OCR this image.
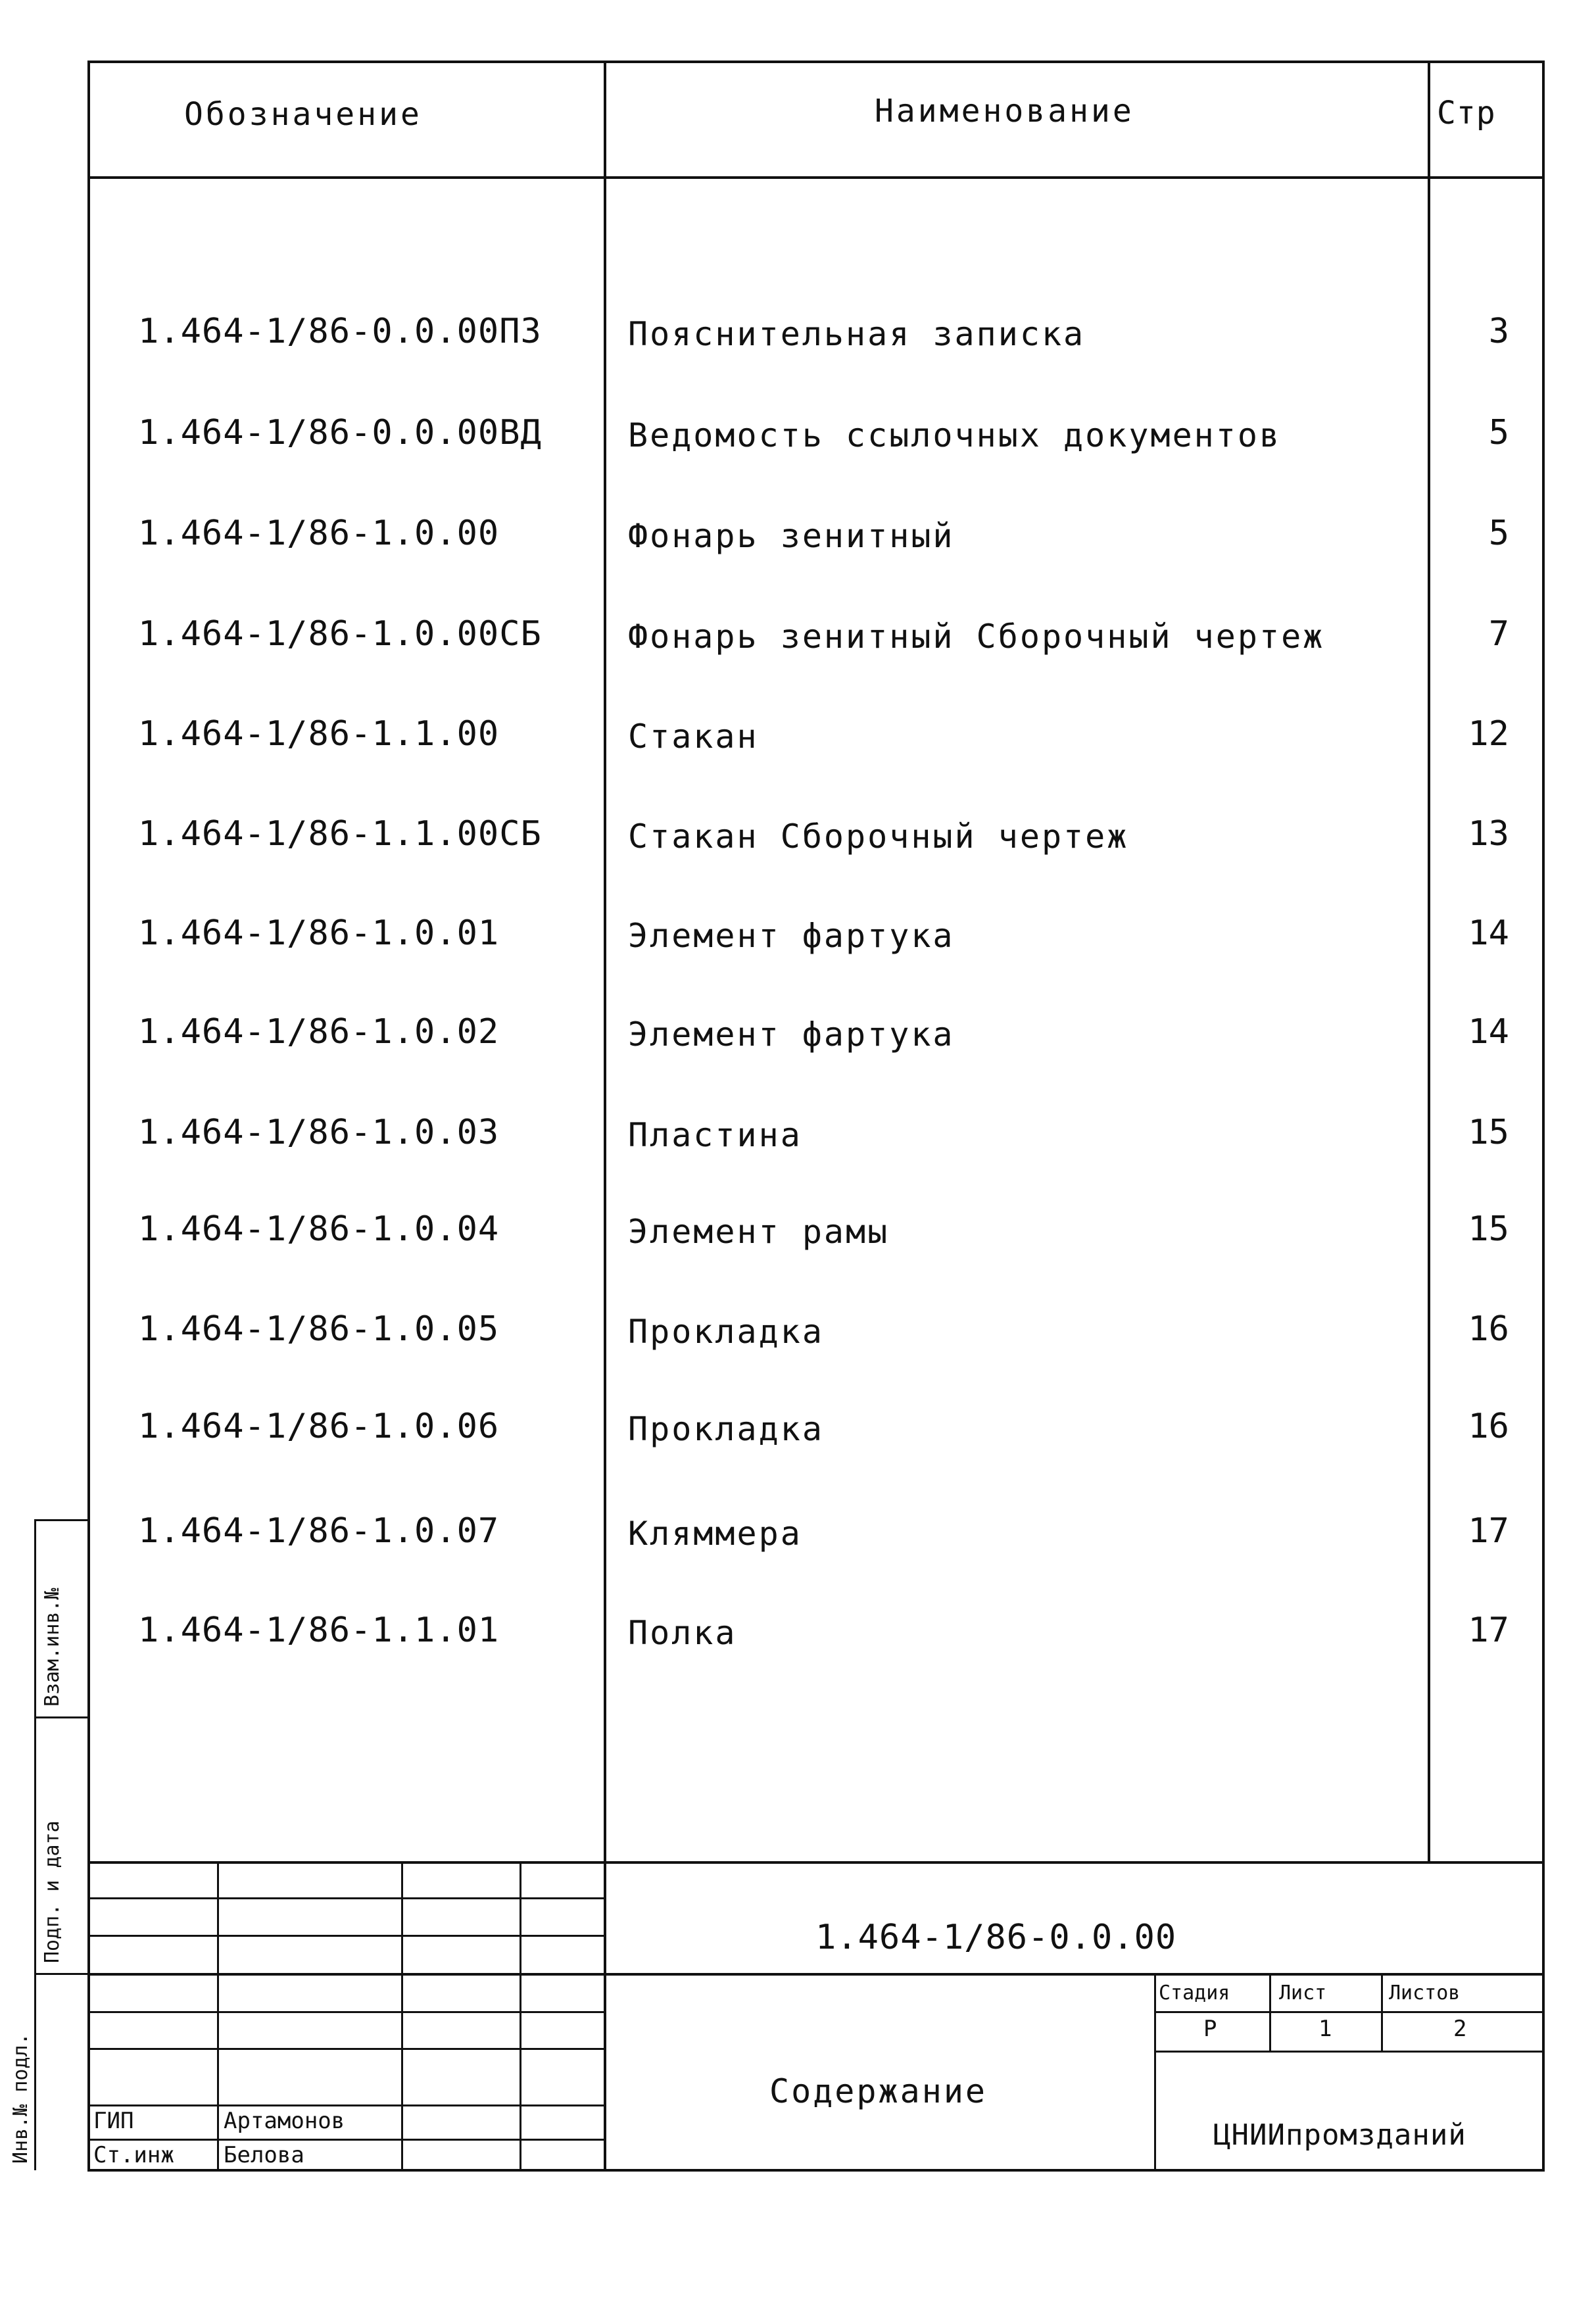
Обозначение	Наименование	Стр
1.464-1/86-0.0.00ПЗ	Пояснительная записка	3
1.464-1/86-0.0.00ВД	Ведомость ссылочных документов	5
1.464-1/86-1.0.00	Фонарь зенитный	5
1.464-1/86-1.0.00СБ	Фонарь зенитный Сборочный чертеж	7
1.464-1/86-1.1.00	Стакан	12
1.464-1/86-1.1.00СБ	Стакан Сборочный чертеж	13
1.464-1/86-1.0.01	Элемент фартука	14
1.464-1/86-1.0.02	Элемент фартука	14
1.464-1/86-1.0.03	Пластина	15
1.464-1/86-1.0.04	Элемент рамы	15
1.464-1/86-1.0.05	Прокладка	16
1.464-1/86-1.0.06	Прокладка	16
1.464-1/86-1.0.07	Кляммера	17
1.464-1/86-1.1.01	Полка	17
ГИП	Артамонов
Ст.инж Белова
1.464-1/86-0.0.00
Содержание
Стадия Лист	Листов
Р	1	2
ЦНИИпромзданий
Взам.инв.№
Подп. и дата
Инв.№ подл.
